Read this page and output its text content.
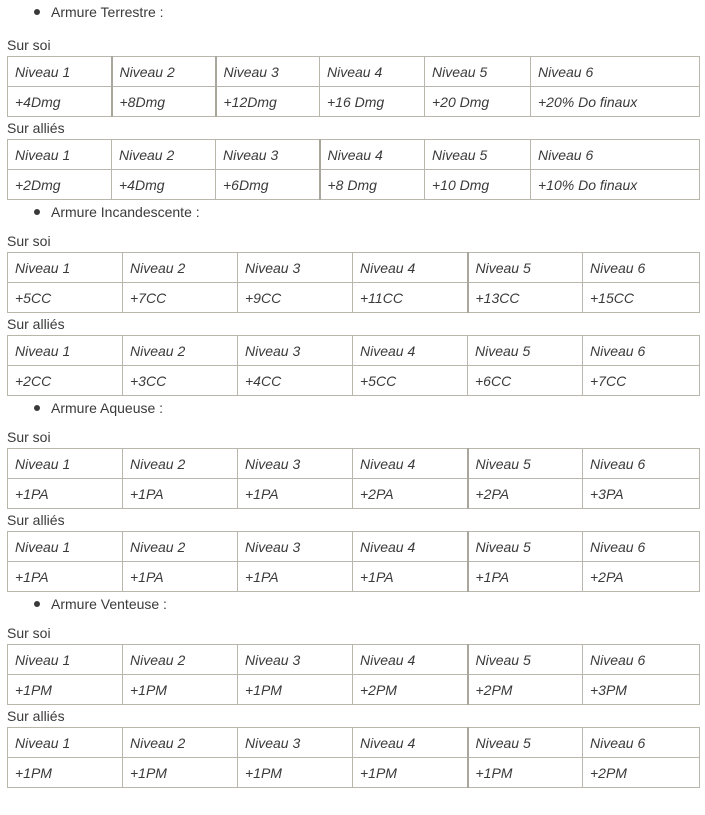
Armure Terrestre :
Sur soi
Niveau 1	Niveau 2	Niveau 3	Niveau 4	Niveau 5	Niveau 6
+4Dmg	+8Dmg	+12Dmg	+16 Dmg	+20 Dmg	+20% Do finaux
Sur alliés
Niveau 1	Niveau 2	Niveau 3	Niveau 4	Niveau 5	Niveau 6
+2Dmg	+4Dmg	+6Dmg	+8 Dmg	+10 Dmg	+10% Do finaux
Armure Incandescente :
Sur soi
Niveau 1	Niveau 2	Niveau 3	Niveau 4	Niveau 5	Niveau 6
+5CC	+7CC	+9CC	+11CC	+13CC	+15CC
Sur alliés
Niveau 1	Niveau 2	Niveau 3	Niveau 4	Niveau 5	Niveau 6
+2CC	+3CC	+4CC	+5CC	+6CC	+7CC
Armure Aqueuse :
Sur soi
Niveau 1	Niveau 2	Niveau 3	Niveau 4	Niveau 5	Niveau 6
+1PA	+1PA	+1PA	+2PA	+2PA	+3PA
Sur alliés
Niveau 1	Niveau 2	Niveau 3	Niveau 4	Niveau 5	Niveau 6
+1PA	+1PA	+1PA	+1PA	+1PA	+2PA
Armure Venteuse :
Sur soi
Niveau 1	Niveau 2	Niveau 3	Niveau 4	Niveau 5	Niveau 6
+1PM	+1PM	+1PM	+2PM	+2PM	+3PM
Sur alliés
Niveau 1	Niveau 2	Niveau 3	Niveau 4	Niveau 5	Niveau 6
+1PM	+1PM	+1PM	+1PM	+1PM	+2PM
